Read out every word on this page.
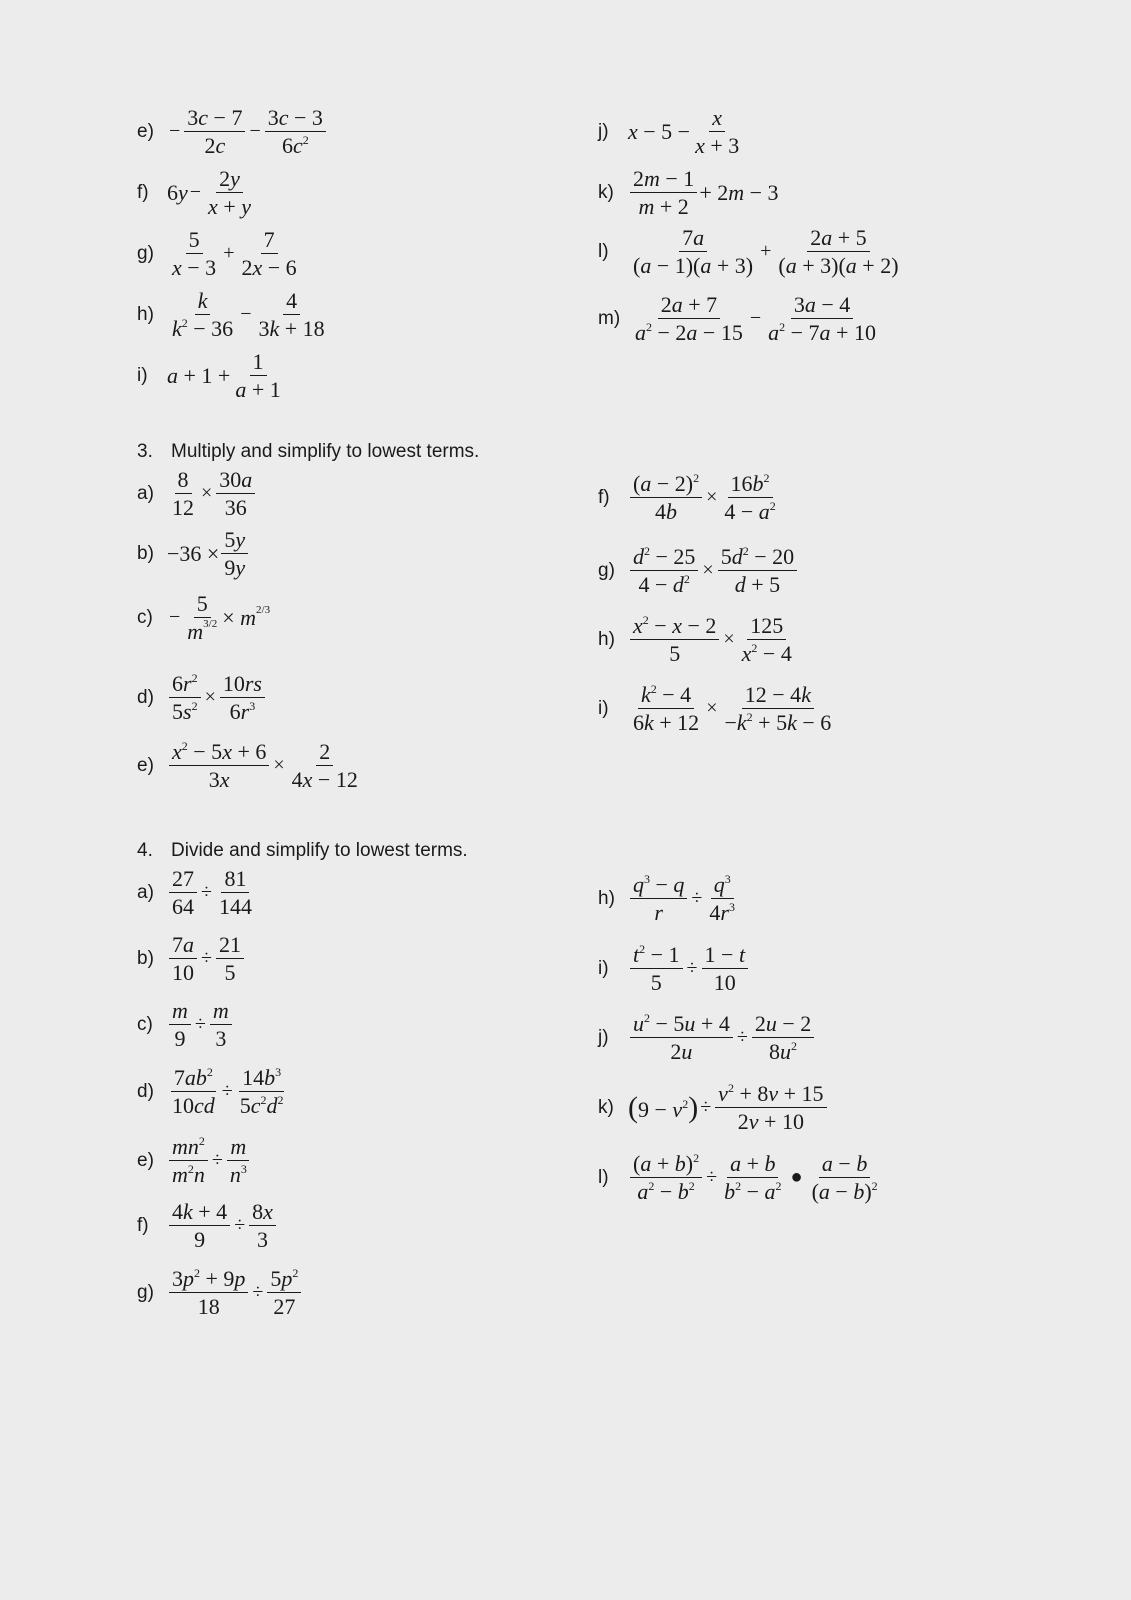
$e) - \frac{3c - 7}{2c} - \frac{3c - 3}{6c^2}$
f) $6y - \frac{2y}{x + y}$
$g) \frac{5}{x - 3} + \frac{7}{2x - 6}$
$h) \frac{k}{k^2 - 36} - \frac{4}{3k + 18}$
i) $a + 1 + \frac{1}{a + 1}$
j) $x - 5 - \frac{x}{x + 3}$
$k) \frac{2m - 1}{m + 2} + 2m - 3$
$l) \frac{7a}{(a - 1)(a + 3)} + \frac{2a + 5}{(a + 3)(a + 2)}$
$m) \frac{2a + 7}{a^2 - 2a - 15} - \frac{3a - 4}{a^2 - 7a + 10}$
3. Multiply and simplify to lowest terms.
$a) \frac{8}{12} \times \frac{30a}{36}$
$b) -36 \times \frac{5y}{9y}$
$c) - \frac{5}{m^{3/2}} \times m^{2/3}$
$d) \frac{6r^2}{5s^2} \times \frac{10rs}{6r^3}$
$e) \frac{x^2 - 5x + 6}{3x} \times \frac{2}{4x - 12}$
$f) \frac{(a - 2)^2}{4b} \times \frac{16b^2}{4 - a^2}$
$g) \frac{d^2 - 25}{4 - d^2} \times \frac{5d^2 - 20}{d + 5}$
$h) \frac{x^2 - x - 2}{5} \times \frac{125}{x^2 - 4}$
$i) \frac{k^2 - 4}{6k + 12} \times \frac{12 - 4k}{-k^2 + 5k - 6}$
4. Divide and simplify to lowest terms.
$a) \frac{27}{64} \div \frac{81}{144}$
$b) \frac{7a}{10} \div \frac{21}{5}$
$c) \frac{m}{9} \div \frac{m}{3}$
$d) \frac{7ab^2}{10cd} \div \frac{14b^3}{5c^2d^2}$
$e) \frac{mn^2}{m^2n} \div \frac{m}{n^3}$
$f) \frac{4k + 4}{9} \div \frac{8x}{3}$
$g) \frac{3p^2 + 9p}{18} \div \frac{5p^2}{27}$
$h) \frac{q^3 - q}{r} \div \frac{q^3}{4r^3}$
$i) \frac{t^2 - 1}{5} \div \frac{1 - t}{10}$
$j) \frac{u^2 - 5u + 4}{2u} \div \frac{2u - 2}{8u^2}$
k) $(9 - v^2) \div \frac{v^2 + 8v + 15}{2v + 10}$
$l) \frac{(a + b)^2}{a^2 - b^2} \div \frac{a + b}{b^2 - a^2}$ ● $\frac{a - b}{(a - b)^2}$
